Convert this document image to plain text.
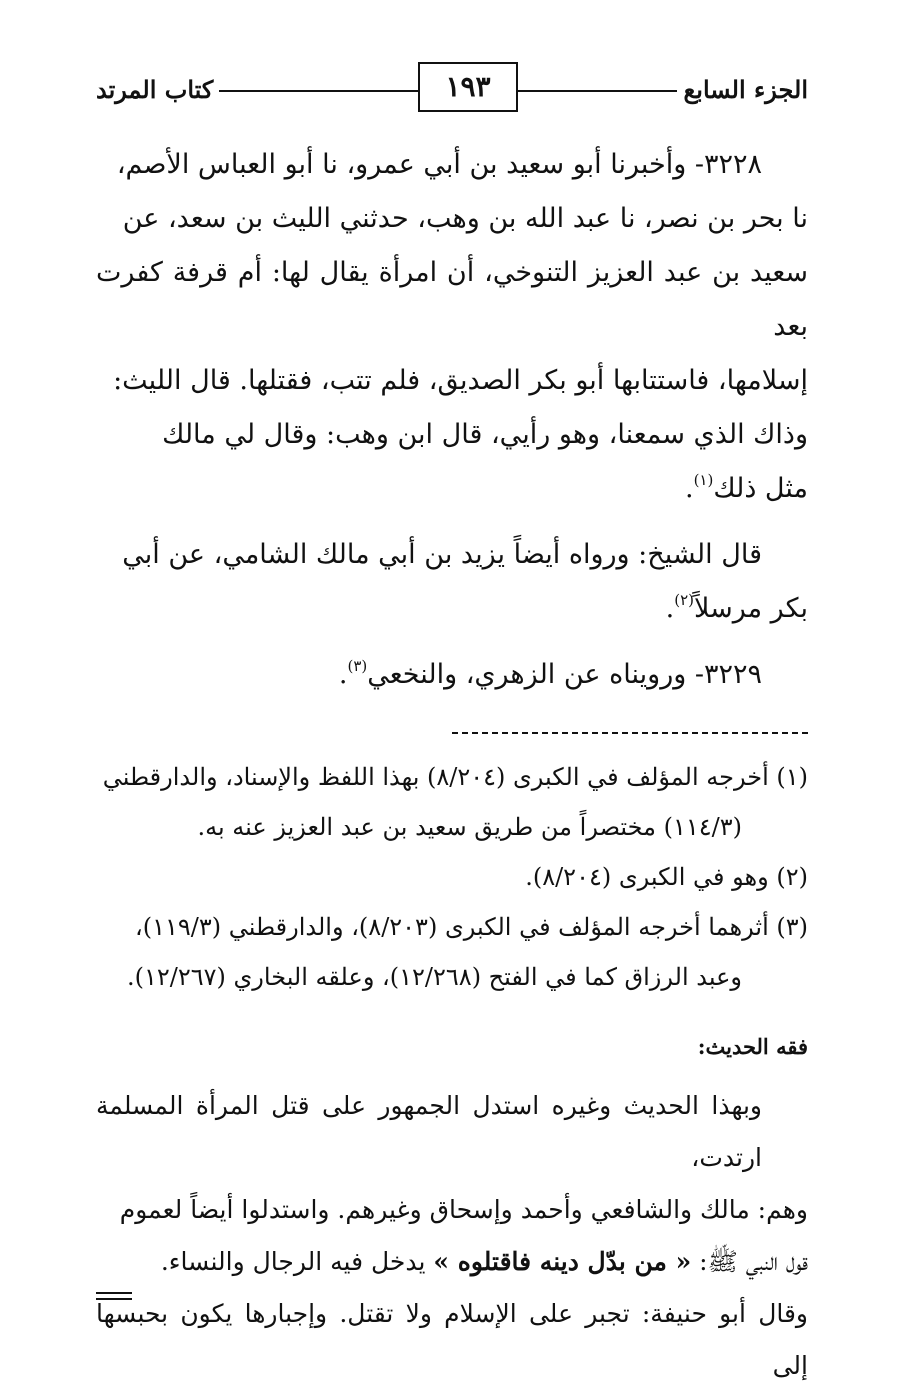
الجزء السابع
كتاب المرتد	١٩٣

٣٢٢٨- وأخبرنا أبو سعيد بن أبي عمرو، نا أبو العباس الأصم،

نا بحر بن نصر، نا عبد الله بن وهب، حدثني الليث بن سعد، عن

سعيد بن عبد العزيز التنوخي، أن امرأة يقال لها: أم قرفة كفرت بعد

إسلامها، فاستتابها أبو بكر الصديق، فلم تتب، فقتلها. قال الليث:

وذاك الذي سمعنا، وهو رأيي، قال ابن وهب: وقال لي مالك

مثل ذلك$^{(١)}$.

قال الشيخ: ورواه أيضاً يزيد بن أبي مالك الشامي، عن أبي

بكر مرسلاً$^{(٢)}$.

٣٢٢٩- ورويناه عن الزهري، والنخعي$^{(٣)}$.

(١) أخرجه المؤلف في الكبرى (٨/٢٠٤) بهذا اللفظ والإسناد، والدارقطني

(١١٤/٣) مختصراً من طريق سعيد بن عبد العزيز عنه به.

(٢) وهو في الكبرى (٨/٢٠٤).

(٣) أثرهما أخرجه المؤلف في الكبرى (٨/٢٠٣)، والدارقطني (١١٩/٣)،

وعبد الرزاق كما في الفتح (١٢/٢٦٨)، وعلقه البخاري (١٢/٢٦٧).

فقه الحديث:

وبهذا الحديث وغيره استدل الجمهور على قتل المرأة المسلمة ارتدت،

وهم: مالك والشافعي وأحمد وإسحاق وغيرهم. واستدلوا أيضاً لعموم

قول النبي ﷺ: « من بدّل دينه فاقتلوه » يدخل فيه الرجال والنساء.

وقال أبو حنيفة: تجبر على الإسلام ولا تقتل. وإجبارها يكون بحبسها إلى
